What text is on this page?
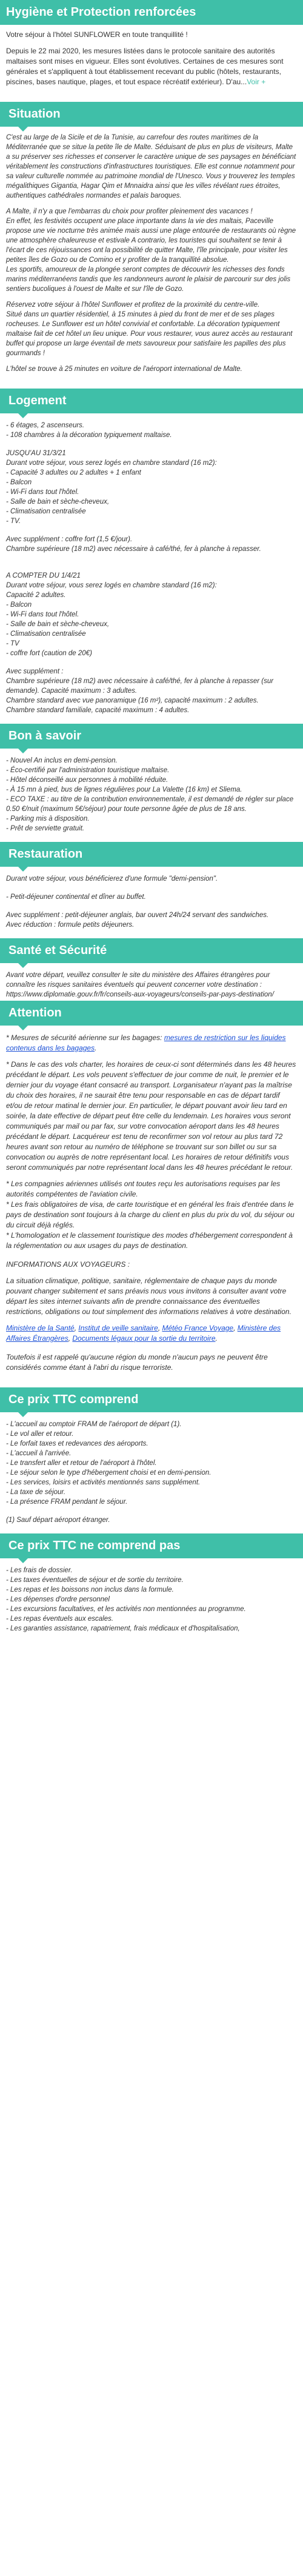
Hygiène et Protection renforcées

Votre séjour à l'hôtel SUNFLOWER en toute tranquillité !

Depuis le 22 mai 2020, les mesures listées dans le protocole sanitaire des autorités maltaises sont mises en vigueur. Elles sont évolutives. Certaines de ces mesures sont générales et s'appliquent à tout établissement recevant du public (hôtels, restaurants, piscines, bases nautique, plages, et tout espace récréatif extérieur). D'au...Voir +

Situation

C'est au large de la Sicile et de la Tunisie, au carrefour des routes maritimes de la Méditerranée que se situe la petite île de Malte. Séduisant de plus en plus de visiteurs, Malte a su préserver ses richesses et conserver le caractère unique de ses paysages en bénéficiant véritablement les constructions d'infrastructures touristiques. Elle est connue notamment pour sa valeur culturelle nommée au patrimoine mondial de l'Unesco. Vous y trouverez les temples mégalithiques Gigantia, Hagar Qim et Mnnaidra ainsi que les villes révélant rues étroites, authentiques cathédrales normandes et palais baroques.

A Malte, il n'y a que l'embarras du choix pour profiter pleinement des vacances !

En effet, les festivités occupent une place importante dans la vie des maltais, Paceville propose une vie nocturne très animée mais aussi une plage entourée de restaurants où règne une atmosphère chaleureuse et estivale A contrario, les touristes qui souhaitent se tenir à l'écart de ces réjouissances ont la possibilité de quitter Malte, l'île principale, pour visiter les petites îles de Gozo ou de Comino et y profiter de la tranquillité absolue.

Les sportifs, amoureux de la plongée seront comptes de découvrir les richesses des fonds marins méditerranéens tandis que les randonneurs auront le plaisir de parcourir sur des jolis sentiers bucoliques à l'ouest de Malte et sur l'île de Gozo.

Réservez votre séjour à l'hôtel Sunflower et profitez de la proximité du centre-ville.

Situé dans un quartier résidentiel, à 15 minutes à pied du front de mer et de ses plages rocheuses. Le Sunflower est un hôtel convivial et confortable. La décoration typiquement maltaise fait de cet hôtel un lieu unique. Pour vous restaurer, vous aurez accès au restaurant buffet qui propose un large éventail de mets savoureux pour satisfaire les papilles des plus gourmands !

L'hôtel se trouve à 25 minutes en voiture de l'aéroport international de Malte.

Logement
- 6 étages, 2 ascenseurs.
- 108 chambres à la décoration typiquement maltaise.
JUSQU'AU 31/3/21
Durant votre séjour, vous serez logés en chambre standard (16 m2):
- Capacité 3 adultes ou 2 adultes + 1 enfant
- Balcon
- Wi-Fi dans tout l'hôtel.
- Salle de bain et sèche-cheveux,
- Climatisation centralisée
- TV.
Avec supplément : coffre fort (1,5 €/jour).
Chambre supérieure (18 m2) avec nécessaire à café/thé, fer à planche à repasser.
A COMPTER DU 1/4/21
Durant votre séjour, vous serez logés en chambre standard (16 m2):
Capacité 2 adultes.
- Balcon
- Wi-Fi dans tout l'hôtel.
- Salle de bain et sèche-cheveux,
- Climatisation centralisée
- TV
- coffre fort (caution de 20€)
Avec supplément :
Chambre supérieure (18 m2) avec nécessaire à café/thé, fer à planche à repasser (sur demande). Capacité maximum : 3 adultes.
Chambre standard avec vue panoramique (16 m²), capacité maximum : 2 adultes.
Chambre standard familiale, capacité maximum : 4 adultes.
Bon à savoir
- Nouvel An inclus en demi-pension.
- Éco-certifié par l'administration touristique maltaise.
- Hôtel déconseillé aux personnes à mobilité réduite.
- À 15 mn à pied, bus de lignes régulières pour La Valette (16 km) et Sliema.
- ECO TAXE : au titre de la contribution environnementale, il est demandé de régler sur place 0.50 €/nuit (maximum 5€/séjour) pour toute personne âgée de plus de 18 ans.
- Parking mis à disposition.
- Prêt de serviette gratuit.
Restauration
Durant votre séjour, vous bénéficierez d'une formule "demi-pension".
- Petit-déjeuner continental et dîner au buffet.
Avec supplément : petit-déjeuner anglais, bar ouvert 24h/24 servant des sandwiches.
Avec réduction : formule petits déjeuners.
Santé et Sécurité
Avant votre départ, veuillez consulter le site du ministère des Affaires étrangères pour connaître les risques sanitaires éventuels qui peuvent concerner votre destination : https://www.diplomatie.gouv.fr/fr/conseils-aux-voyageurs/conseils-par-pays-destination/
Attention

* Mesures de sécurité aérienne sur les bagages: mesures de restriction sur les liquides contenus dans les bagages.

* Dans le cas des vols charter, les horaires de ceux-ci sont déterminés dans les 48 heures précédant le départ. Les vols peuvent s'effectuer de jour comme de nuit, le premier et le dernier jour du voyage étant consacré au transport. Lorganisateur n'ayant pas la maîtrise du choix des horaires, il ne saurait être tenu pour responsable en cas de départ tardif et/ou de retour matinal le dernier jour. En particulier, le départ pouvant avoir lieu tard en soirée, la date effective de départ peut être celle du lendemain. Les horaires vous seront communiqués par mail ou par fax, sur votre convocation aéroport dans les 48 heures précédant le départ. Lacquéreur est tenu de reconfirmer son vol retour au plus tard 72 heures avant son retour au numéro de téléphone se trouvant sur son billet ou sur sa convocation ou auprès de notre représentant local. Les horaires de retour définitifs vous seront communiqués par notre représentant local dans les 48 heures précédant le retour.

* Les compagnies aériennes utilisés ont toutes reçu les autorisations requises par les autorités compétentes de l'aviation civile.

* Les frais obligatoires de visa, de carte touristique et en général les frais d'entrée dans le pays de destination sont toujours à la charge du client en plus du prix du vol, du séjour ou du circuit déjà réglés.

* L'homologation et le classement touristique des modes d'hébergement correspondent à la réglementation ou aux usages du pays de destination.

INFORMATIONS AUX VOYAGEURS :

La situation climatique, politique, sanitaire, réglementaire de chaque pays du monde pouvant changer subitement et sans préavis nous vous invitons à consulter avant votre départ les sites internet suivants afin de prendre connaissance des éventuelles restrictions, obligations ou tout simplement des informations relatives à votre destination.

Ministère de la Santé, Institut de veille sanitaire, Météo France Voyage, Ministère des Affaires Étrangères, Documents légaux pour la sortie du territoire.

Toutefois il est rappelé qu'aucune région du monde n'aucun pays ne peuvent être considérés comme étant à l'abri du risque terroriste.

Ce prix TTC comprend
- L'accueil au comptoir FRAM de l'aéroport de départ (1).
- Le vol aller et retour.
- Le forfait taxes et redevances des aéroports.
- L'accueil à l'arrivée.
- Le transfert aller et retour de l'aéroport à l'hôtel.
- Le séjour selon le type d'hébergement choisi et en demi-pension.
- Les services, loisirs et activités mentionnés sans supplément.
- La taxe de séjour.
- La présence FRAM pendant le séjour.
(1) Sauf départ aéroport étranger.
Ce prix TTC ne comprend pas
- Les frais de dossier.
- Les taxes éventuelles de séjour et de sortie du territoire.
- Les repas et les boissons non inclus dans la formule.
- Les dépenses d'ordre personnel
- Les excursions facultatives, et les activités non mentionnées au programme.
- Les repas éventuels aux escales.
- Les garanties assistance, rapatriement, frais médicaux et d'hospitalisation,
